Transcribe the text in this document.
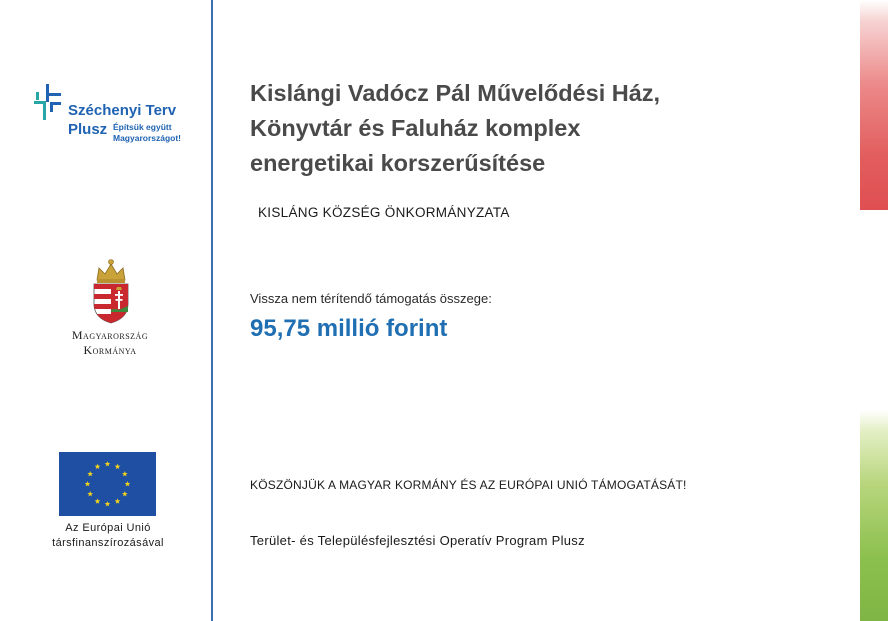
Széchenyi Terv
Plusz Építsük együtt
Magyarországot!
Magyarország
Kormánya
Az Európai Unió
társfinanszírozásával
Kislángi Vadócz Pál Művelődési Ház,
Könyvtár és Faluház komplex
energetikai korszerűsítése
KISLÁNG KÖZSÉG ÖNKORMÁNYZATA
Vissza nem térítendő támogatás összege:
95,75 millió forint
KÖSZÖNJÜK A MAGYAR KORMÁNY ÉS AZ EURÓPAI UNIÓ TÁMOGATÁSÁT!
Terület- és Településfejlesztési Operatív Program Plusz
